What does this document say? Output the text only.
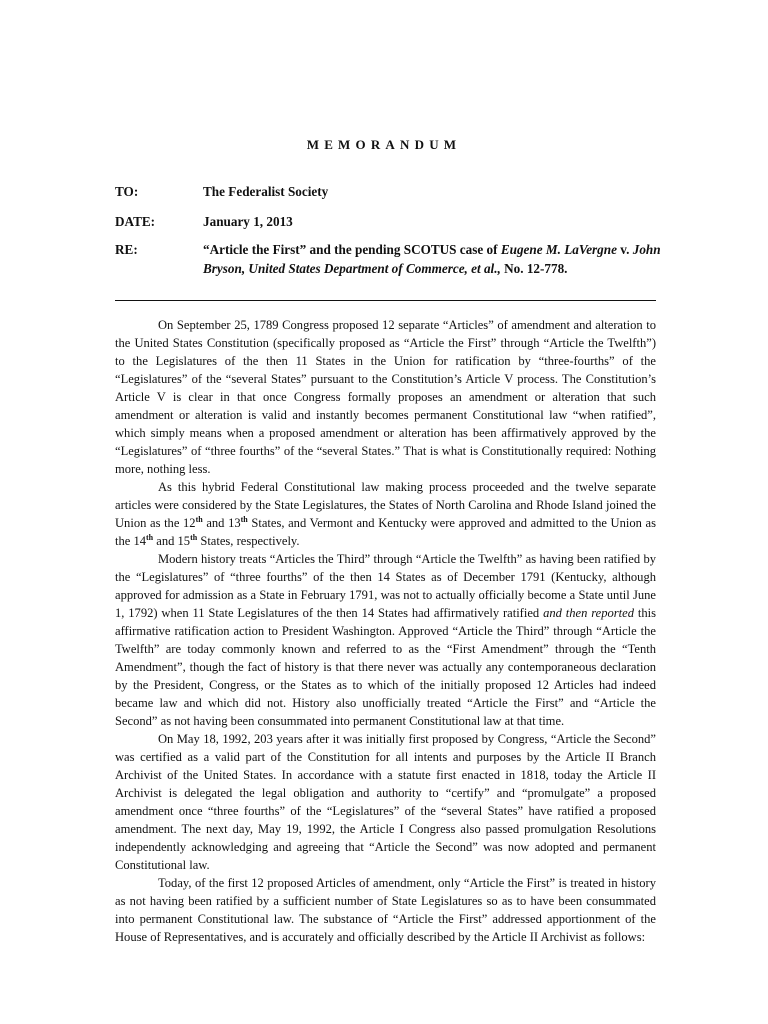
MEMORANDUM
TO:	The Federalist Society
DATE:	January 1, 2013
RE:	“Article the First” and the pending SCOTUS case of Eugene M. LaVergne v. John Bryson, United States Department of Commerce, et al., No. 12-778.

On September 25, 1789 Congress proposed 12 separate “Articles” of amendment and alteration to the United States Constitution (specifically proposed as “Article the First” through “Article the Twelfth”) to the Legislatures of the then 11 States in the Union for ratification by “three-fourths” of the “Legislatures” of the “several States” pursuant to the Constitution’s Article V process. The Constitution’s Article V is clear in that once Congress formally proposes an amendment or alteration that such amendment or alteration is valid and instantly becomes permanent Constitutional law “when ratified”, which simply means when a proposed amendment or alteration has been affirmatively approved by the “Legislatures” of “three fourths” of the “several States.” That is what is Constitutionally required: Nothing more, nothing less.

As this hybrid Federal Constitutional law making process proceeded and the twelve separate articles were considered by the State Legislatures, the States of North Carolina and Rhode Island joined the Union as the 12th and 13th States, and Vermont and Kentucky were approved and admitted to the Union as the 14th and 15th States, respectively.

Modern history treats “Articles the Third” through “Article the Twelfth” as having been ratified by the “Legislatures” of “three fourths” of the then 14 States as of December 1791 (Kentucky, although approved for admission as a State in February 1791, was not to actually officially become a State until June 1, 1792) when 11 State Legislatures of the then 14 States had affirmatively ratified and then reported this affirmative ratification action to President Washington. Approved “Article the Third” through “Article the Twelfth” are today commonly known and referred to as the “First Amendment” through the “Tenth Amendment”, though the fact of history is that there never was actually any contemporaneous declaration by the President, Congress, or the States as to which of the initially proposed 12 Articles had indeed became law and which did not. History also unofficially treated “Article the First” and “Article the Second” as not having been consummated into permanent Constitutional law at that time.

On May 18, 1992, 203 years after it was initially first proposed by Congress, “Article the Second” was certified as a valid part of the Constitution for all intents and purposes by the Article II Branch Archivist of the United States. In accordance with a statute first enacted in 1818, today the Article II Archivist is delegated the legal obligation and authority to “certify” and “promulgate” a proposed amendment once “three fourths” of the “Legislatures” of the “several States” have ratified a proposed amendment. The next day, May 19, 1992, the Article I Congress also passed promulgation Resolutions independently acknowledging and agreeing that “Article the Second” was now adopted and permanent Constitutional law.

Today, of the first 12 proposed Articles of amendment, only “Article the First” is treated in history as not having been ratified by a sufficient number of State Legislatures so as to have been consummated into permanent Constitutional law. The substance of “Article the First” addressed apportionment of the House of Representatives, and is accurately and officially described by the Article II Archivist as follows:
